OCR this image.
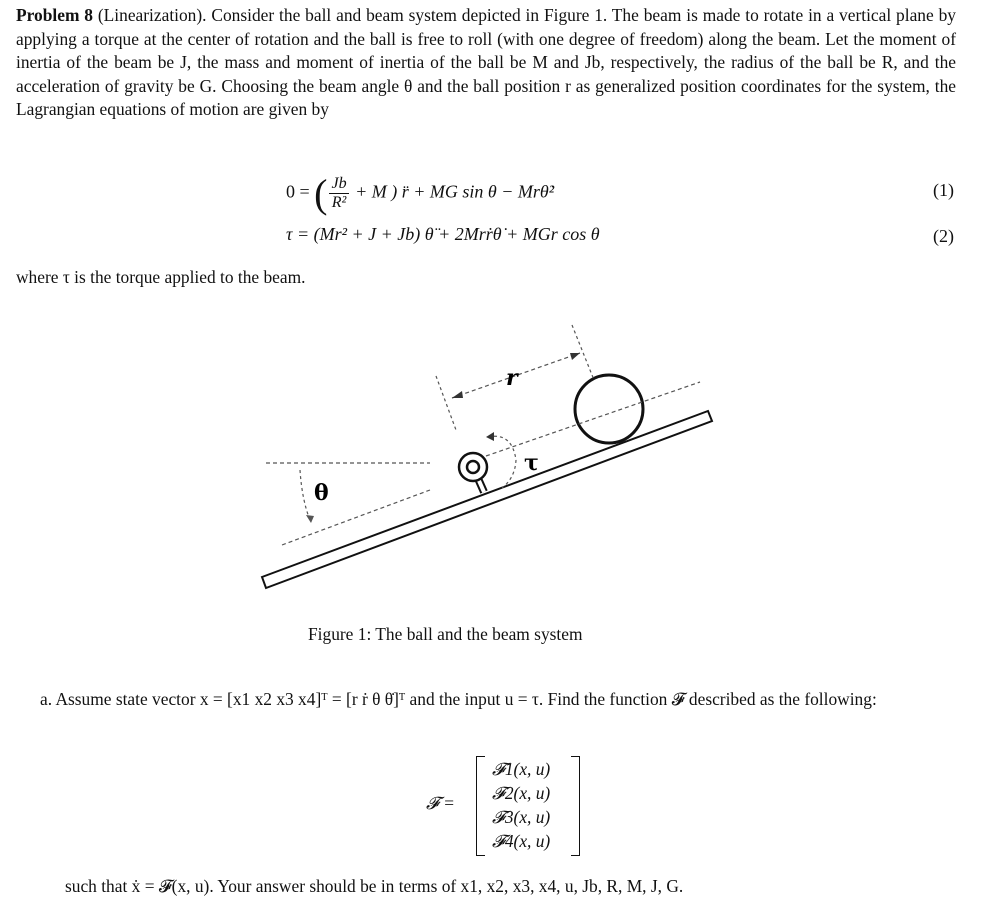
Problem 8 (Linearization). Consider the ball and beam system depicted in Figure 1. The beam is made to rotate in a vertical plane by applying a torque at the center of rotation and the ball is free to roll (with one degree of freedom) along the beam. Let the moment of inertia of the beam be J, the mass and moment of inertia of the ball be M and Jb, respectively, the radius of the ball be R, and the acceleration of gravity be G. Choosing the beam angle θ and the ball position r as generalized position coordinates for the system, the Lagrangian equations of motion are given by
0 = ( $\frac{Jb}{\text{R²}} + M$ ) r̈ + MG sin θ − Mrθ̇²	(1)
τ = (Mr² + J + Jb) θ̈ + 2Mrṙθ̇ + MGr cos θ	(2)
where τ is the torque applied to the beam.
θ
r
τ
Figure 1: The ball and the beam system
a. Assume state vector x = [x1 x2 x3 x4]ᵀ = [r ṙ θ θ̇]ᵀ and the input u = τ. Find the function 𝓕 described as the following:
𝓕 =
𝓕1(x, u)
𝓕2(x, u)
𝓕3(x, u)
𝓕4(x, u)
such that ẋ = 𝓕(x, u). Your answer should be in terms of x1, x2, x3, x4, u, Jb, R, M, J, G.
